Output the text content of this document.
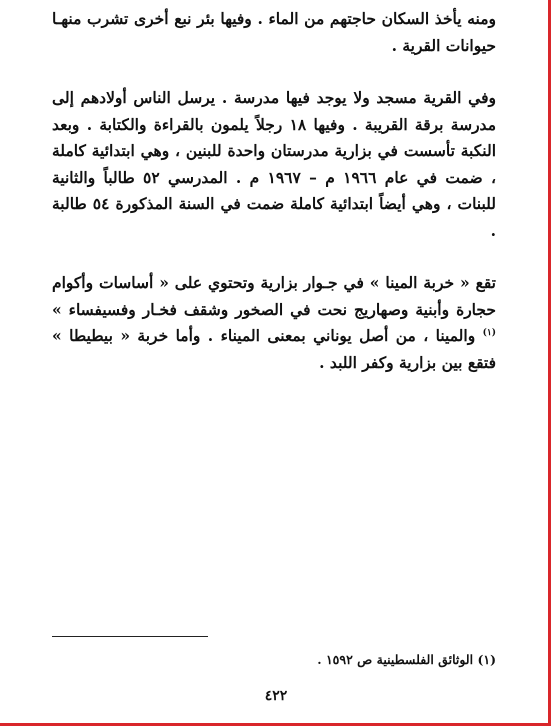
ومنه يأخذ السكان حاجتهم من الماء . وفيها بئر نبع أخرى تشرب منهـا حيوانات القرية .

وفي القرية مسجد ولا يوجد فيها مدرسة . يرسل الناس أولادهم إلى مدرسة برقة القريبة . وفيها ١٨ رجلاً يلمون بالقراءة والكتابة . وبعد النكبة تأسست في بزارية مدرستان واحدة للبنين ، وهي ابتدائية كاملة ، ضمت في عام ١٩٦٦ م – ١٩٦٧ م . المدرسي ٥٢ طالباً والثانية للبنات ، وهي أيضاً ابتدائية كاملة ضمت في السنة المذكورة ٥٤ طالبة .

تقع « خربة المينا » في جـوار بزارية وتحتوي على « أساسات وأكوام حجارة وأبنية وصهاريج نحت في الصخور وشقف فخـار وفسيفساء » $^{(١)}$ والمينا ، من أصل يوناني بمعنى الميناء . وأما خربة « بيطيطا » فتقع بين بزارية وكفر اللبد .

(١) الوثائق الفلسطينية ص ١٥٩٢ .

٤٢٢
